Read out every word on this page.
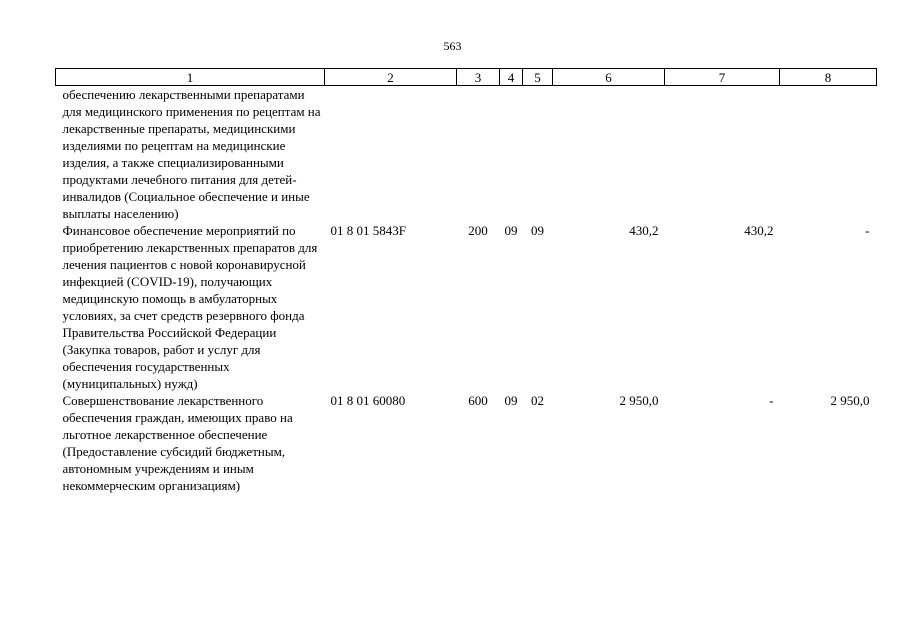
563
1	2	3	4	5	6	7	8
обеспечению лекарственными препаратами для медицинского применения по рецептам на лекарственные препараты, медицинскими изделиями по рецептам на медицинские изделия, а также специализированными продуктами лечебного питания для детей-инвалидов (Социальное обеспечение и иные выплаты населению)							
Финансовое обеспечение мероприятий по приобретению лекарственных препаратов для лечения пациентов с новой коронавирусной инфекцией (COVID-19), получающих медицинскую помощь в амбулаторных условиях, за счет средств резервного фонда Правительства Российской Федерации (Закупка товаров, работ и услуг для обеспечения государственных (муниципальных) нужд)	01 8 01 5843F	200	09	09	430,2	430,2	-
Совершенствование лекарственного обеспечения граждан, имеющих право на льготное лекарственное обеспечение (Предоставление субсидий бюджетным, автономным учреждениям и иным некоммерческим организациям)	01 8 01 60080	600	09	02	2 950,0	-	2 950,0
